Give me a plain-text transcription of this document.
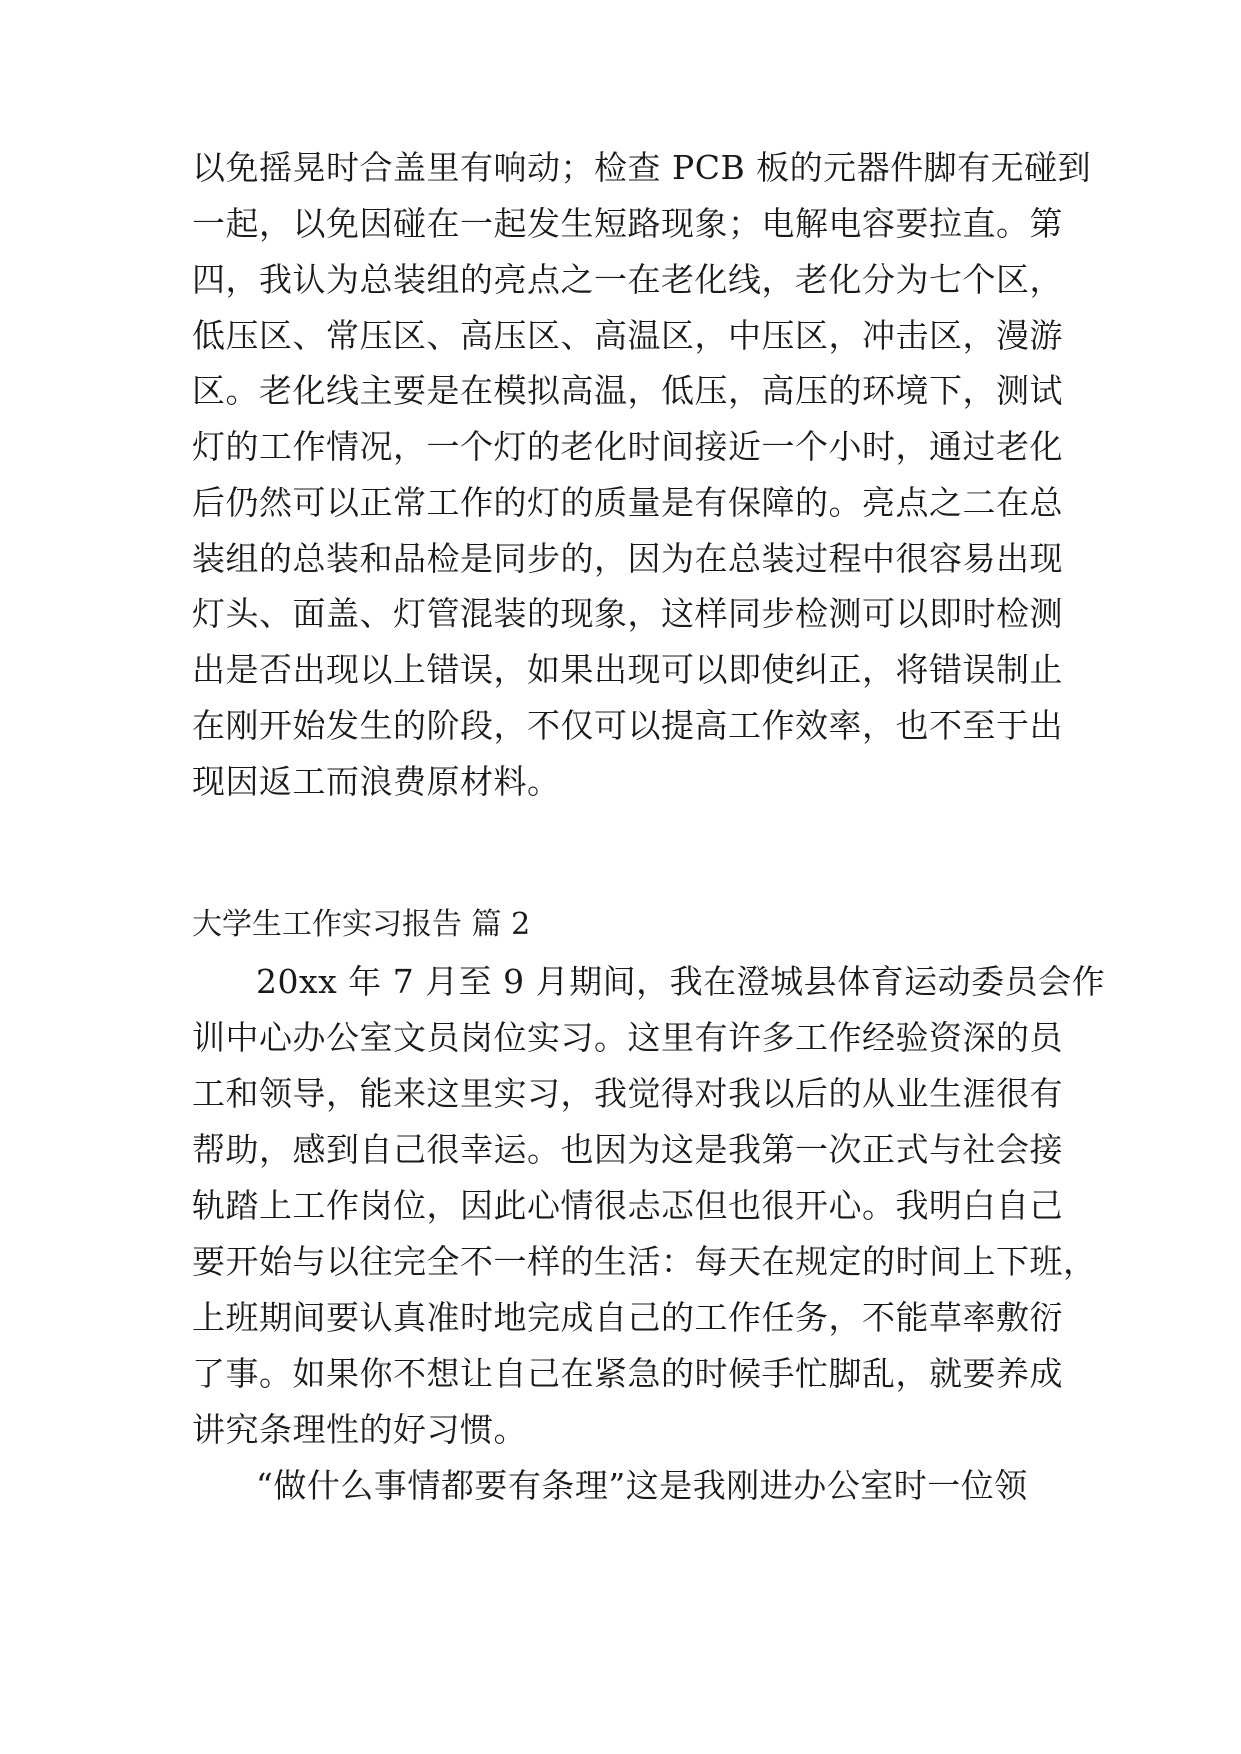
以免摇晃时合盖里有响动；检查 PCB 板的元器件脚有无碰到
一起，以免因碰在一起发生短路现象；电解电容要拉直。第
四，我认为总装组的亮点之一在老化线，老化分为七个区，
低压区、常压区、高压区、高温区，中压区，冲击区，漫游
区。老化线主要是在模拟高温，低压，高压的环境下，测试
灯的工作情况，一个灯的老化时间接近一个小时，通过老化
后仍然可以正常工作的灯的质量是有保障的。亮点之二在总
装组的总装和品检是同步的，因为在总装过程中很容易出现
灯头、面盖、灯管混装的现象，这样同步检测可以即时检测
出是否出现以上错误，如果出现可以即使纠正，将错误制止
在刚开始发生的阶段，不仅可以提高工作效率，也不至于出
现因返工而浪费原材料。
大学生工作实习报告 篇 2
20xx 年 7 月至 9 月期间，我在澄城县体育运动委员会作
训中心办公室文员岗位实习。这里有许多工作经验资深的员
工和领导，能来这里实习，我觉得对我以后的从业生涯很有
帮助，感到自己很幸运。也因为这是我第一次正式与社会接
轨踏上工作岗位，因此心情很忐忑但也很开心。我明白自己
要开始与以往完全不一样的生活：每天在规定的时间上下班，
上班期间要认真准时地完成自己的工作任务，不能草率敷衍
了事。如果你不想让自己在紧急的时候手忙脚乱，就要养成
讲究条理性的好习惯。
“做什么事情都要有条理”这是我刚进办公室时一位领
